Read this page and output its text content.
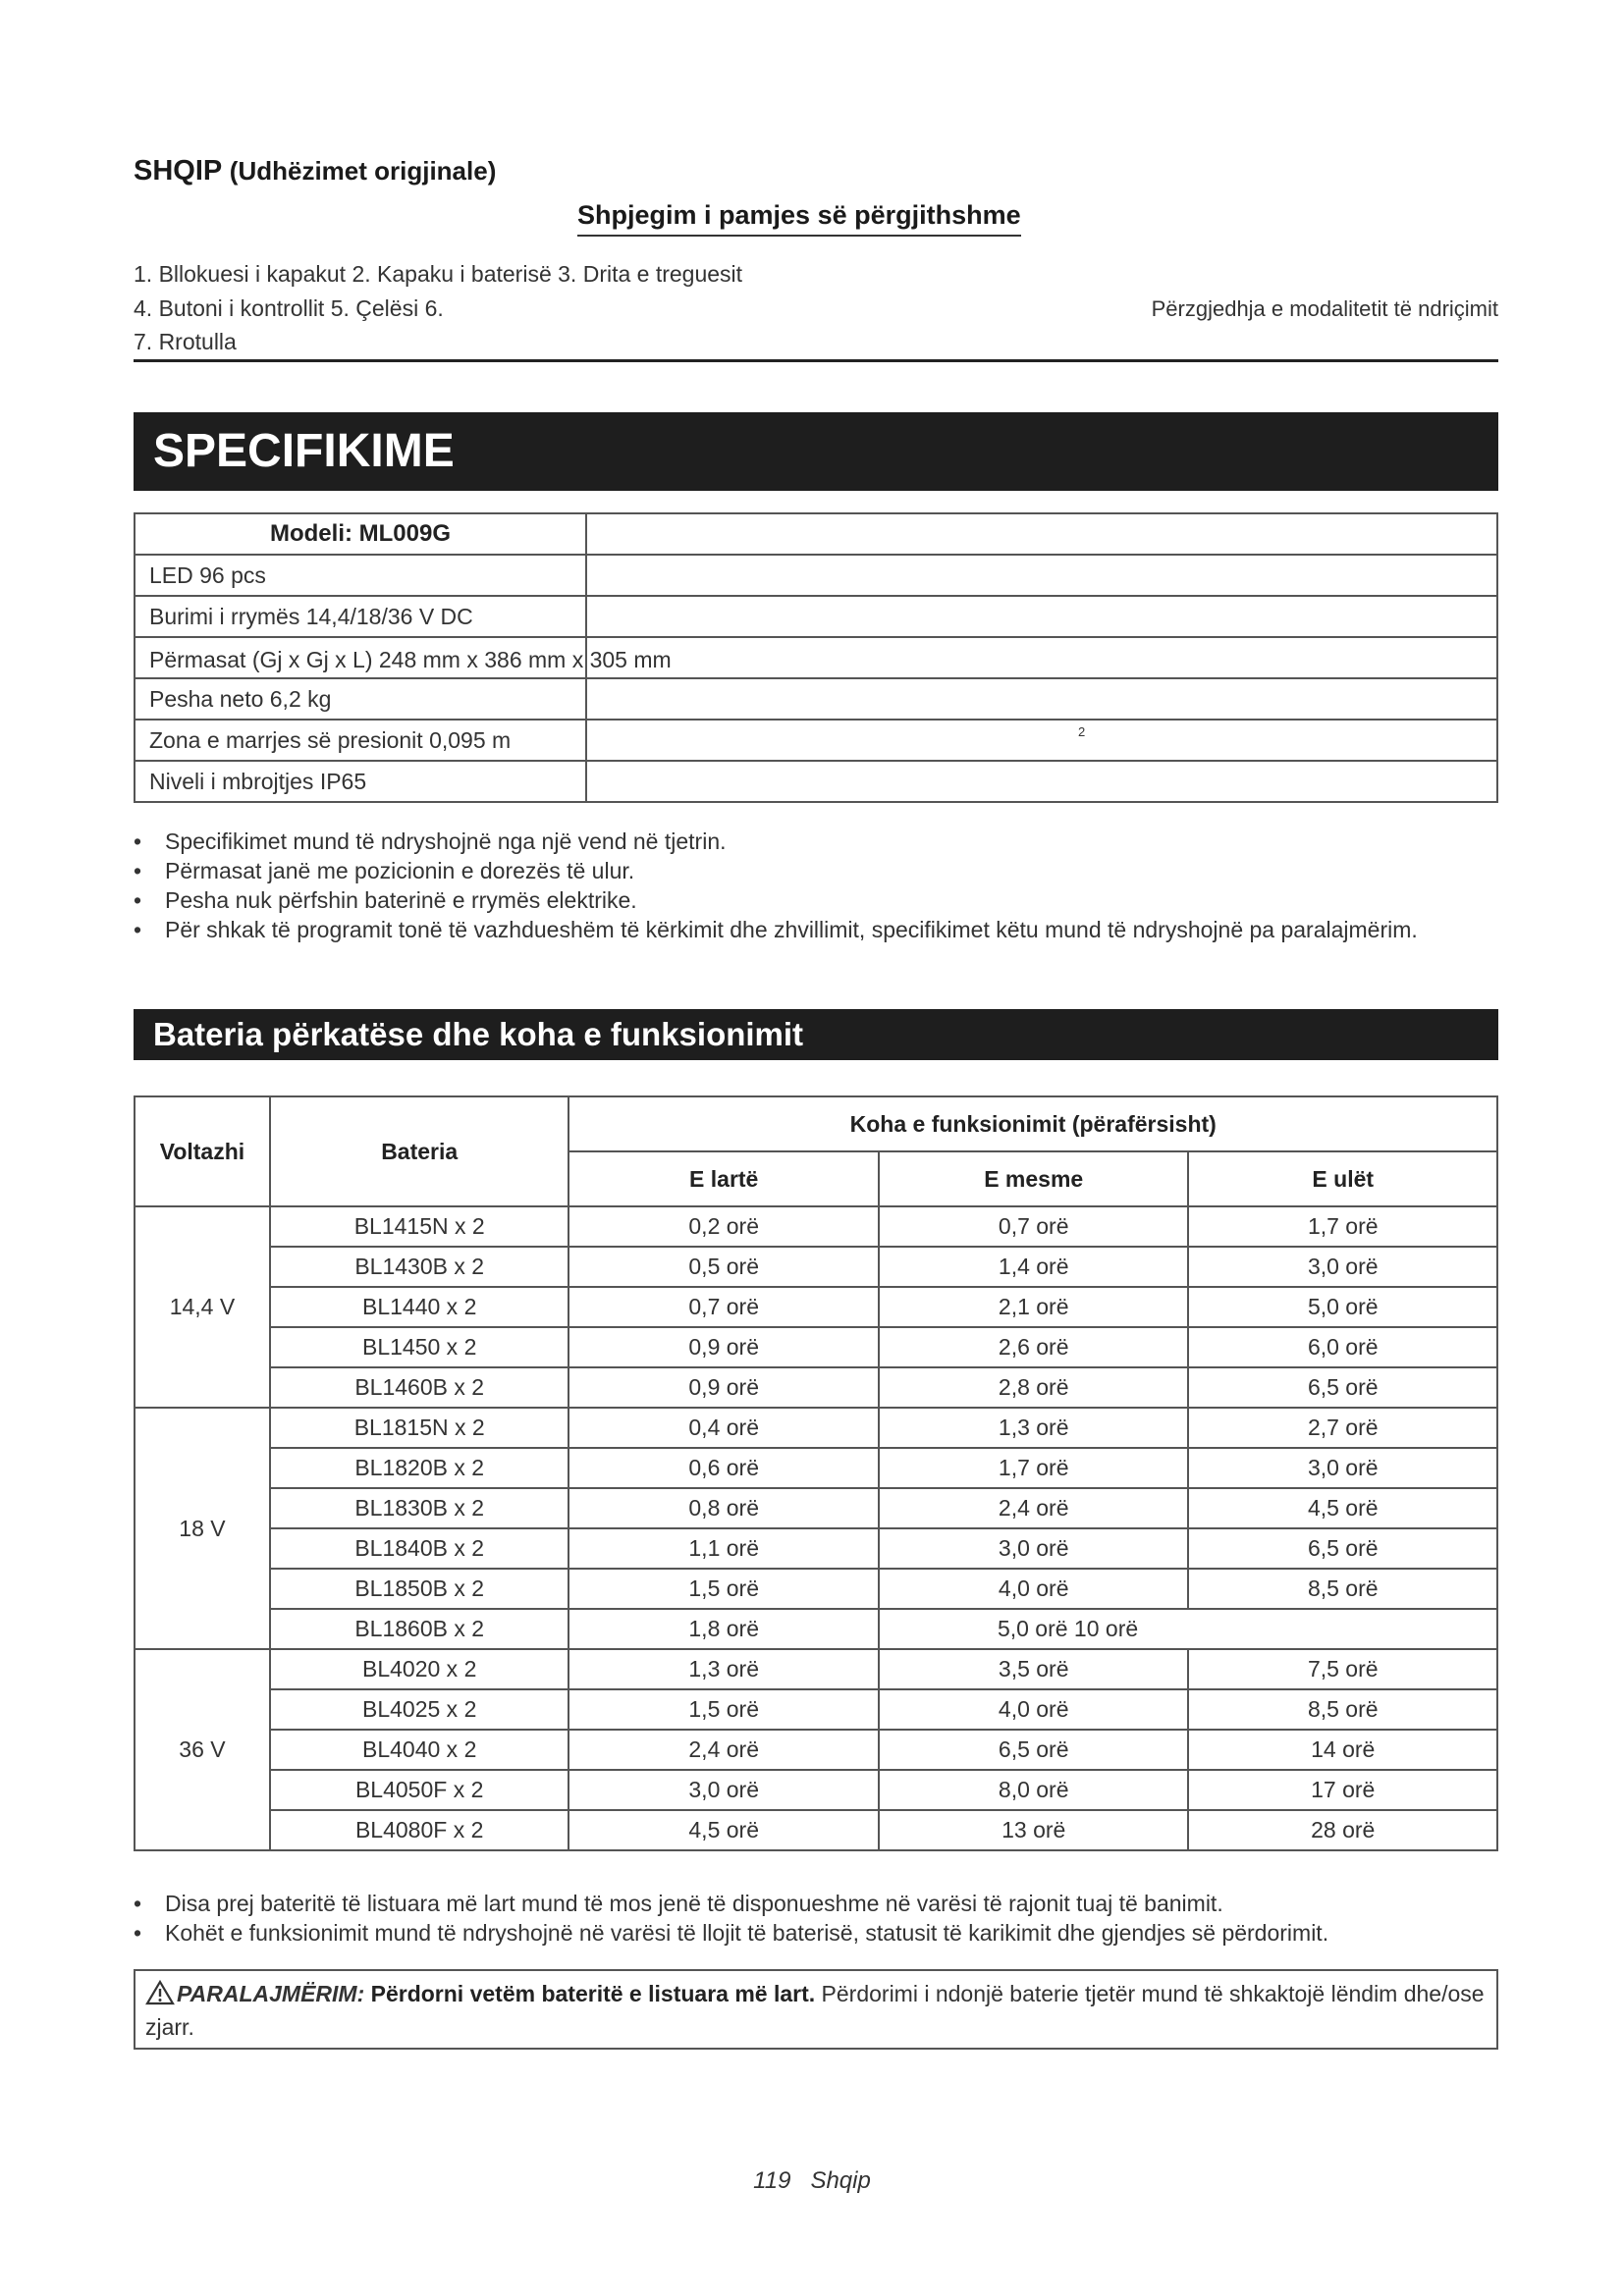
SHQIP (Udhëzimet origjinale)
Shpjegim i pamjes së përgjithshme
1. Bllokuesi i kapakut 2. Kapaku i baterisë 3. Drita e treguesit
4. Butoni i kontrollit 5. Çelësi 6.	Përzgjedhja e modalitetit të ndriçimit
7. Rrotulla
SPECIFIKIME
Modeli: ML009G	
LED 96 pcs	
Burimi i rrymës 14,4/18/36 V DC	

Përmasat (Gj x Gj x L) 248 mm x 386 mm x 305 mm	

Pesha neto 6,2 kg	
Zona e marrjes së presionit 0,095 m	2

Niveli i mbrojtjes IP65	
• Specifikimet mund të ndryshojnë nga një vend në tjetrin.
• Përmasat janë me pozicionin e dorezës të ulur.
• Pesha nuk përfshin baterinë e rrymës elektrike.
• Për shkak të programit tonë të vazhdueshëm të kërkimit dhe zhvillimit, specifikimet këtu mund të ndryshojnë pa paralajmërim.
Bateria përkatëse dhe koha e funksionimit
Voltazhi	Bateria	Koha e funksionimit (përafërsisht)		
		E lartë	E mesme	E ulët
14,4 V	BL1415N x 2	0,2 orë	0,7 orë	1,7 orë
	BL1430B x 2	0,5 orë	1,4 orë	3,0 orë
	BL1440 x 2	0,7 orë	2,1 orë	5,0 orë
	BL1450 x 2	0,9 orë	2,6 orë	6,0 orë
	BL1460B x 2	0,9 orë	2,8 orë	6,5 orë
18 V	BL1815N x 2	0,4 orë	1,3 orë	2,7 orë
	BL1820B x 2	0,6 orë	1,7 orë	3,0 orë
	BL1830B x 2	0,8 orë	2,4 orë	4,5 orë
	BL1840B x 2	1,1 orë	3,0 orë	6,5 orë
	BL1850B x 2	1,5 orë	4,0 orë	8,5 orë
	BL1860B x 2	1,8 orë	5,0 orë 10 orë	
36 V	BL4020 x 2	1,3 orë	3,5 orë	7,5 orë
	BL4025 x 2	1,5 orë	4,0 orë	8,5 orë
	BL4040 x 2	2,4 orë	6,5 orë	14 orë
	BL4050F x 2	3,0 orë	8,0 orë	17 orë
	BL4080F x 2	4,5 orë	13 orë	28 orë
• Disa prej bateritë të listuara më lart mund të mos jenë të disponueshme në varësi të rajonit tuaj të banimit.
• Kohët e funksionimit mund të ndryshojnë në varësi të llojit të baterisë, statusit të karikimit dhe gjendjes së përdorimit.
PARALAJMËRIM: Përdorni vetëm bateritë e listuara më lart. Përdorimi i ndonjë baterie tjetër mund të shkaktojë lëndim dhe/ose zjarr.
119 Shqip
